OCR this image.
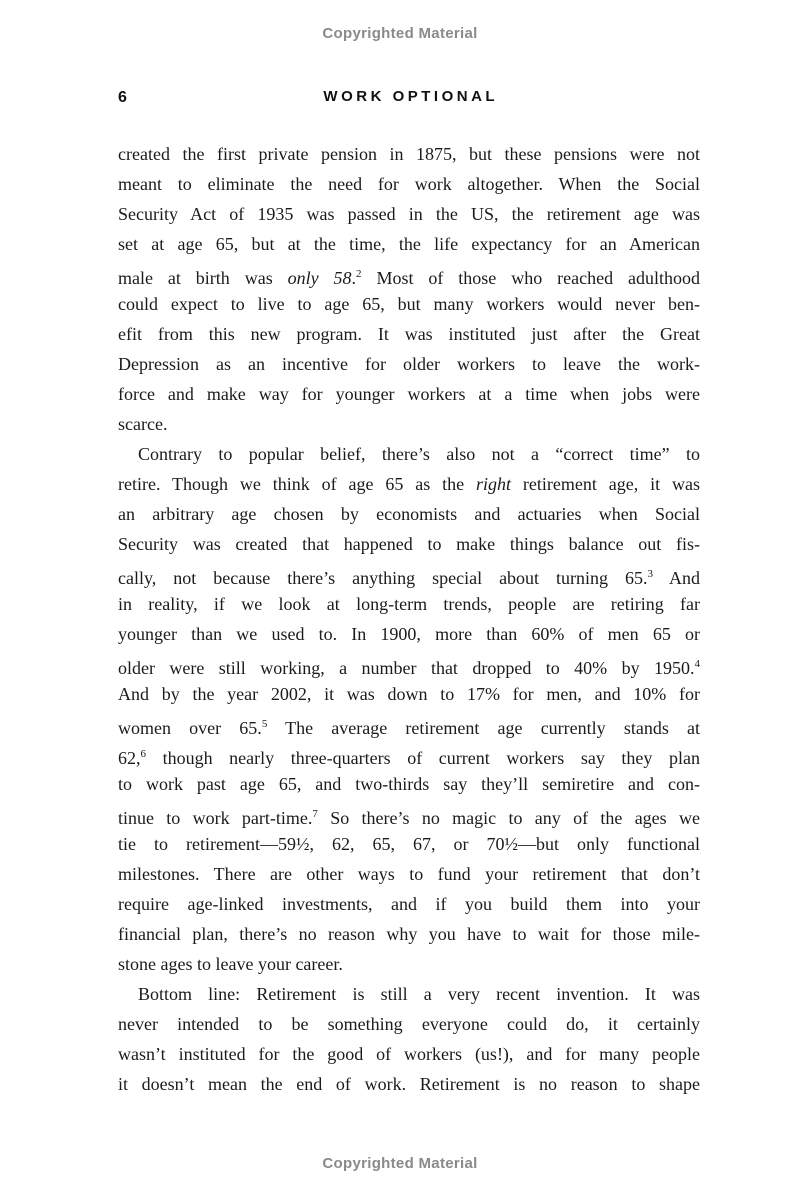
Copyrighted Material
6	WORK OPTIONAL
created the first private pension in 1875, but these pensions were not
meant to eliminate the need for work altogether. When the Social
Security Act of 1935 was passed in the US, the retirement age was
set at age 65, but at the time, the life expectancy for an American
male at birth was only 58.$^2$ Most of those who reached adulthood
could expect to live to age 65, but many workers would never ben-
efit from this new program. It was instituted just after the Great
Depression as an incentive for older workers to leave the work-
force and make way for younger workers at a time when jobs were
scarce.
Contrary to popular belief, there’s also not a “correct time” to
retire. Though we think of age 65 as the right retirement age, it was
an arbitrary age chosen by economists and actuaries when Social
Security was created that happened to make things balance out fis-
cally, not because there’s anything special about turning 65.$^3$ And
in reality, if we look at long-term trends, people are retiring far
younger than we used to. In 1900, more than 60% of men 65 or
older were still working, a number that dropped to 40% by 1950.$^4$
And by the year 2002, it was down to 17% for men, and 10% for
women over 65.$^5$ The average retirement age currently stands at
62,$^6$ though nearly three-quarters of current workers say they plan
to work past age 65, and two-thirds say they’ll semiretire and con-
tinue to work part-time.$^7$ So there’s no magic to any of the ages we
tie to retirement—59½, 62, 65, 67, or 70½—but only functional
milestones. There are other ways to fund your retirement that don’t
require age-linked investments, and if you build them into your
financial plan, there’s no reason why you have to wait for those mile-
stone ages to leave your career.
Bottom line: Retirement is still a very recent invention. It was
never intended to be something everyone could do, it certainly
wasn’t instituted for the good of workers (us!), and for many people
it doesn’t mean the end of work. Retirement is no reason to shape
Copyrighted Material
